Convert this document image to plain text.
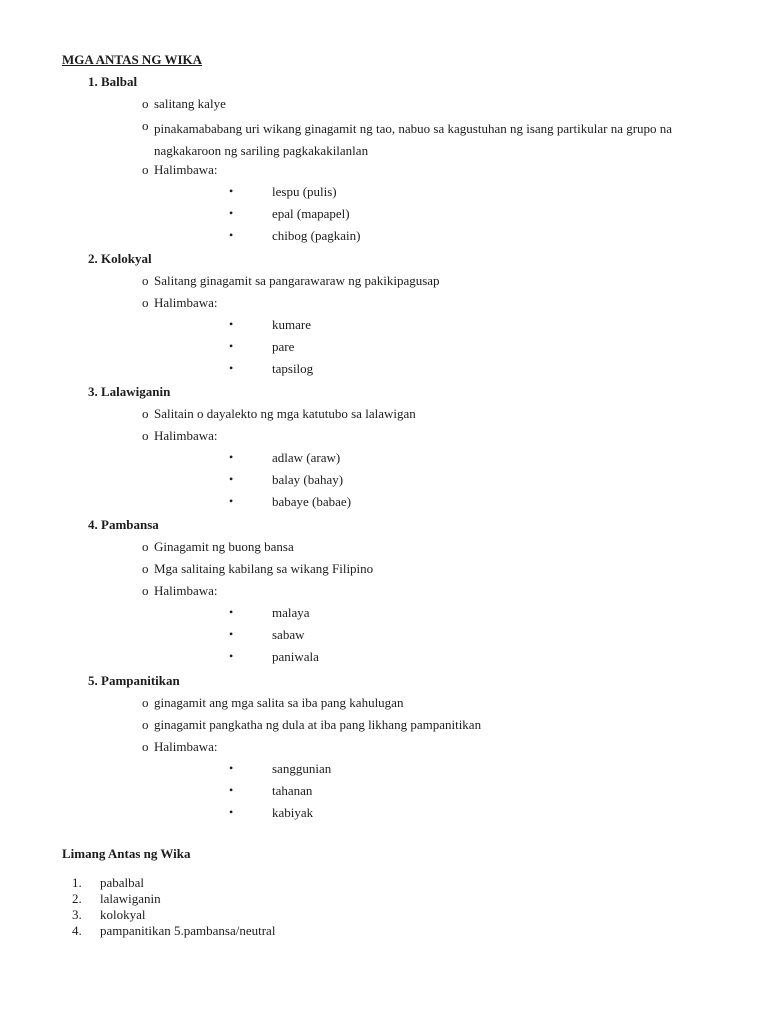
MGA ANTAS NG WIKA
1. Balbal
o salitang kalye
o pinakamababang uri wikang ginagamit ng tao, nabuo sa kagustuhan ng isang partikular na grupo na nagkakaroon ng sariling pagkakakilanlan
o Halimbawa:
•	lespu (pulis)
•	epal (mapapel)
•	chibog (pagkain)
2. Kolokyal
o Salitang ginagamit sa pangarawaraw ng pakikipagusap
o Halimbawa:
•	kumare
•	pare
•	tapsilog
3. Lalawiganin
o Salitain o dayalekto ng mga katutubo sa lalawigan
o Halimbawa:
•	adlaw (araw)
•	balay (bahay)
•	babaye (babae)
4. Pambansa
o Ginagamit ng buong bansa
o Mga salitaing kabilang sa wikang Filipino
o Halimbawa:
•	malaya
•	sabaw
•	paniwala
5. Pampanitikan
o ginagamit ang mga salita sa iba pang kahulugan
o ginagamit pangkatha ng dula at iba pang likhang pampanitikan
o Halimbawa:
•	sanggunian
•	tahanan
•	kabiyak
Limang Antas ng Wika
1. pabalbal
2. lalawiganin
3. kolokyal
4. pampanitikan 5.pambansa/neutral
